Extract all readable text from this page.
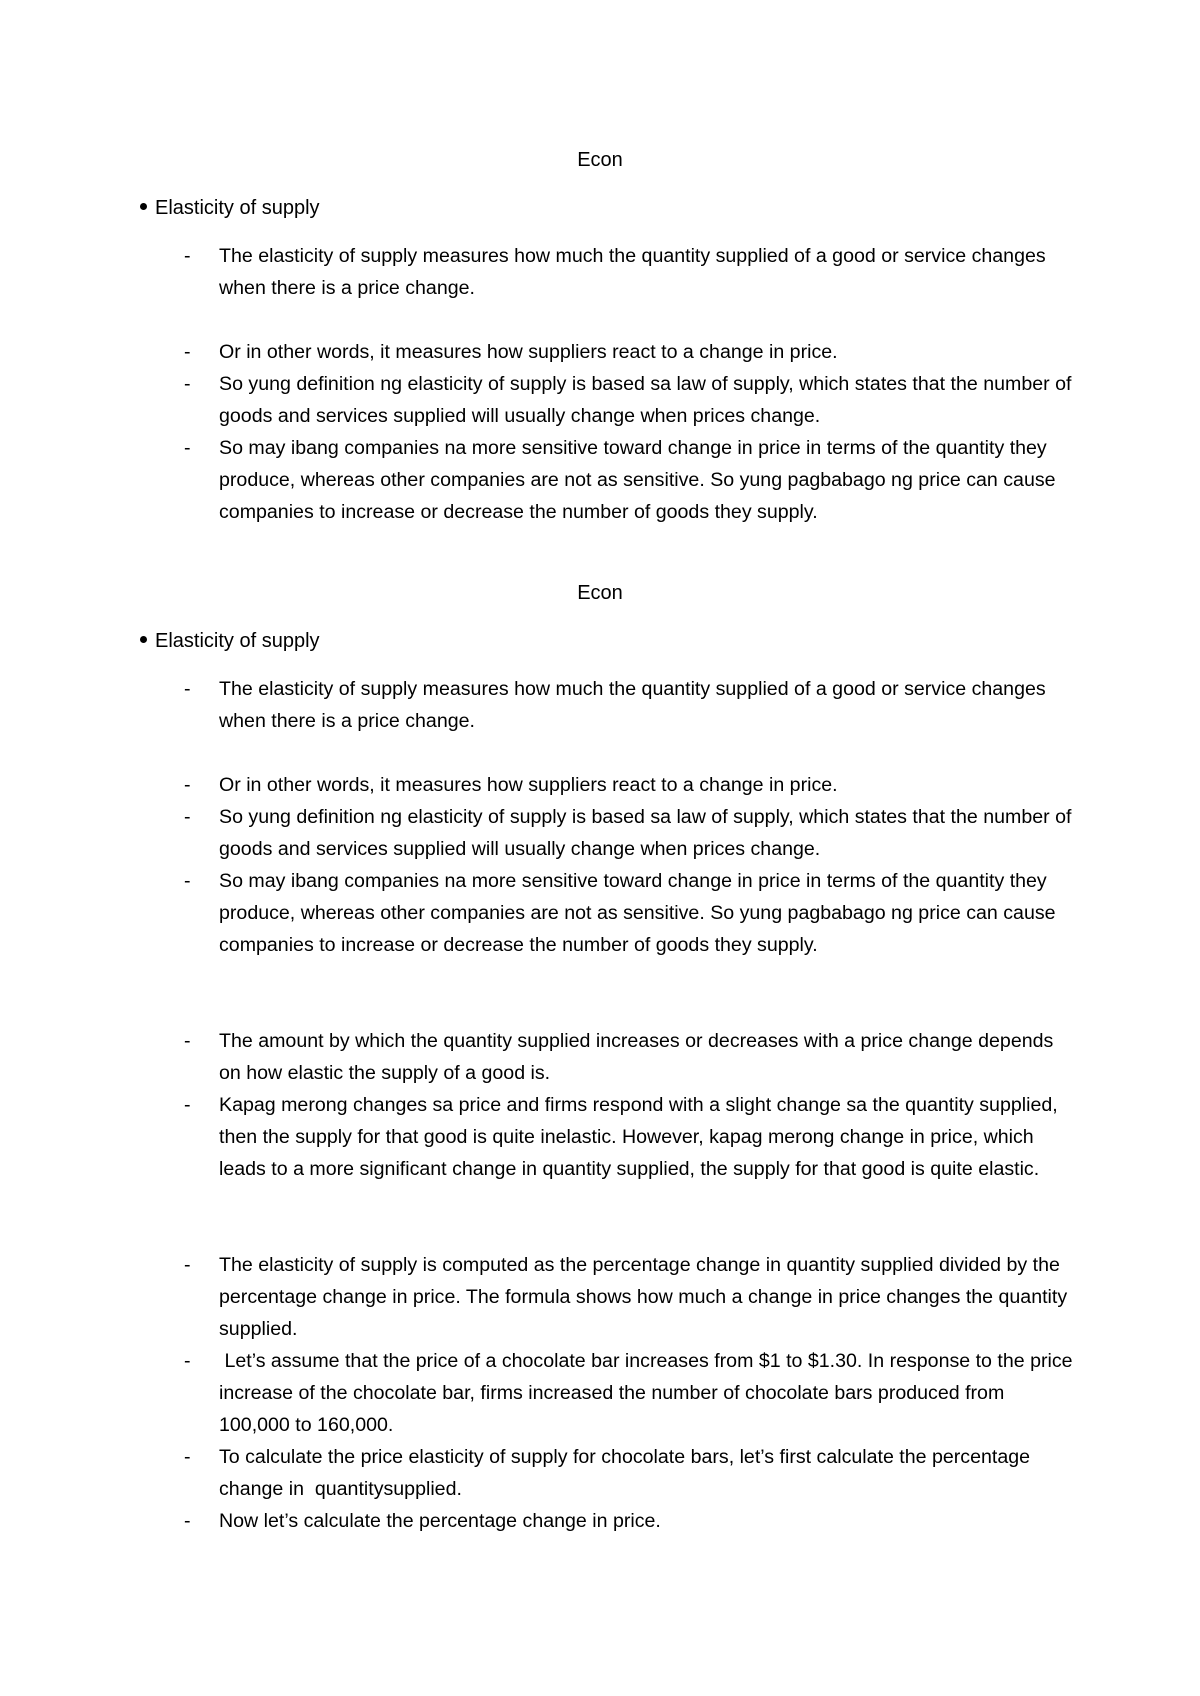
Econ
Elasticity of supply
-	The elasticity of supply measures how much the quantity supplied of a good or service changes when there is a price change.
-	Or in other words, it measures how suppliers react to a change in price.
-	So yung definition ng elasticity of supply is based sa law of supply, which states that the number of goods and services supplied will usually change when prices change.
-	So may ibang companies na more sensitive toward change in price in terms of the quantity they produce, whereas other companies are not as sensitive. So yung pagbabago ng price can cause companies to increase or decrease the number of goods they supply.
Econ
Elasticity of supply
-	The elasticity of supply measures how much the quantity supplied of a good or service changes when there is a price change.
-	Or in other words, it measures how suppliers react to a change in price.
-	So yung definition ng elasticity of supply is based sa law of supply, which states that the number of goods and services supplied will usually change when prices change.
-	So may ibang companies na more sensitive toward change in price in terms of the quantity they produce, whereas other companies are not as sensitive. So yung pagbabago ng price can cause companies to increase or decrease the number of goods they supply.
-	The amount by which the quantity supplied increases or decreases with a price change depends on how elastic the supply of a good is.
-	Kapag merong changes sa price and firms respond with a slight change sa the quantity supplied, then the supply for that good is quite inelastic. However, kapag merong change in price, which leads to a more significant change in quantity supplied, the supply for that good is quite elastic.
-	The elasticity of supply is computed as the percentage change in quantity supplied divided by the percentage change in price. The formula shows how much a change in price changes the quantity supplied.
-	Let’s assume that the price of a chocolate bar increases from $1 to $1.30. In response to the price increase of the chocolate bar, firms increased the number of chocolate bars produced from 100,000 to 160,000.
-	To calculate the price elasticity of supply for chocolate bars, let’s first calculate the percentage change in  quantitysupplied.
-	Now let’s calculate the percentage change in price.
